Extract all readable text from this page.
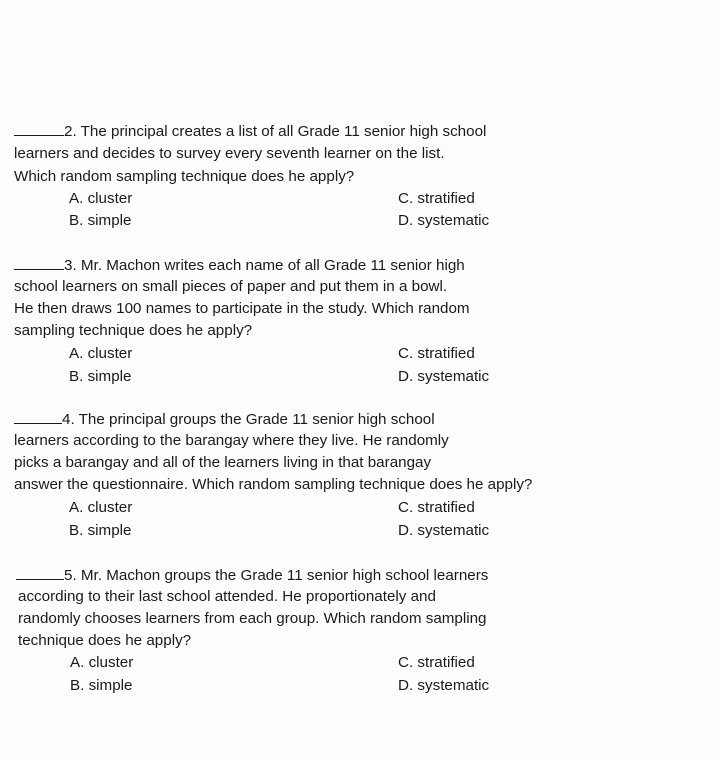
2. The principal creates a list of all Grade 11 senior high school
learners and decides to survey every seventh learner on the list.
Which random sampling technique does he apply?
A. cluster	C. stratified
B. simple	D. systematic
3. Mr. Machon writes each name of all Grade 11 senior high
school learners on small pieces of paper and put them in a bowl.
He then draws 100 names to participate in the study. Which random
sampling technique does he apply?
A. cluster	C. stratified
B. simple	D. systematic
4. The principal groups the Grade 11 senior high school
learners according to the barangay where they live. He randomly
picks a barangay and all of the learners living in that barangay
answer the questionnaire. Which random sampling technique does he apply?
A. cluster	C. stratified
B. simple	D. systematic
5. Mr. Machon groups the Grade 11 senior high school learners
according to their last school attended. He proportionately and
randomly chooses learners from each group. Which random sampling
technique does he apply?
A. cluster	C. stratified
B. simple	D. systematic
